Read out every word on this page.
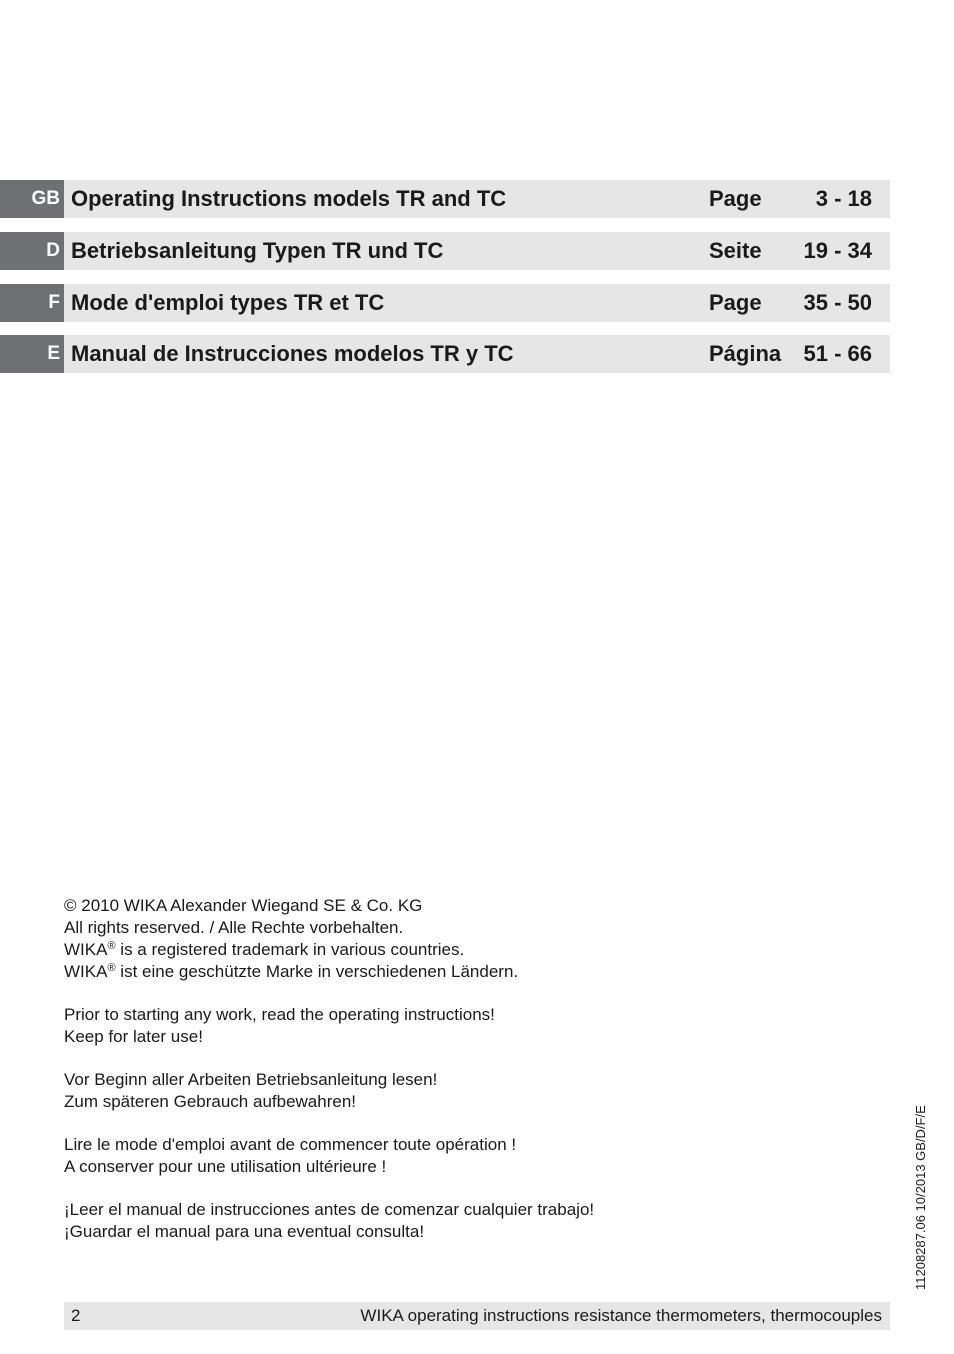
GB Operating Instructions models TR and TC	Page 3 - 18
D Betriebsanleitung Typen TR und TC	Seite 19 - 34
F Mode d'emploi types TR et TC	Page 35 - 50
E Manual de Instrucciones modelos TR y TC	Página 51 - 66

© 2010 WIKA Alexander Wiegand SE & Co. KG
All rights reserved. / Alle Rechte vorbehalten.
WIKA® is a registered trademark in various countries.
WIKA® ist eine geschützte Marke in verschiedenen Ländern.

Prior to starting any work, read the operating instructions!
Keep for later use!

Vor Beginn aller Arbeiten Betriebsanleitung lesen!
Zum späteren Gebrauch aufbewahren!

Lire le mode d'emploi avant de commencer toute opération !
A conserver pour une utilisation ultérieure !

¡Leer el manual de instrucciones antes de comenzar cualquier trabajo!
¡Guardar el manual para una eventual consulta!	11208287.06 10/2013 GB/D/F/E
2	WIKA operating instructions resistance thermometers, thermocouples
